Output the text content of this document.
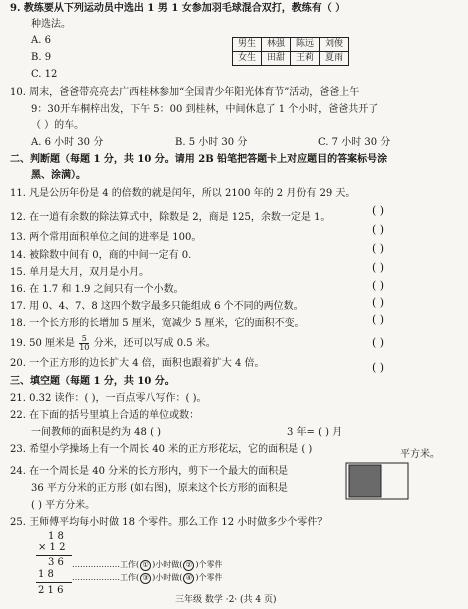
9. 教练要从下列运动员中选出 1 男 1 女参加羽毛球混合双打，教练有（ ）
种选法。
A. 6
B. 9
C. 12
男生	林强	陈远	刘俊
女生	田甜	王莉	夏雨
10. 周末，爸爸带亮亮去广西桂林参加“全国青少年阳光体育节”活动，爸爸上午
9：30开车桐梓出发，下午 5：00 到桂林，中间休息了 1 个小时，爸爸共开了
（ ）的车。
A. 6 小时 30 分	B. 5 小时 30 分	C. 7 小时 30 分
二、判断题（每题 1 分，共 10 分。请用 2B 铅笔把答题卡上对应题目的答案标号涂
黑、涂满）。
11. 凡是公历年份是 4 的倍数的就是闰年，所以 2100 年的 2 月份有 29 天。
12. 在一道有余数的除法算式中，除数是 2，商是 125，余数一定是 1。
( )
13. 两个常用面积单位之间的进率是 100。
( )
14. 被除数中间有 0，商的中间一定有 0.
( )
15. 单月是大月，双月是小月。	( )
16. 在 1.7 和 1.9 之间只有一个小数。	( )
17. 用 0、4、7、8 这四个数字最多只能组成 6 个不同的两位数。	( )
18. 一个长方形的长增加 5 厘米，宽减少 5 厘米，它的面积不变。	( )
19. 50 厘米是 $\frac{5}{10}$ 分米，还可以写成 0.5 米。	( )
20. 一个正方形的边长扩大 4 倍，面积也跟着扩大 4 倍。	( )
三、填空题（每题 1 分，共 10 分。
21. 0.32 读作：( )，一百点零八写作：( )。
22. 在下面的括号里填上合适的单位或数：
一间教师的面积是约为 48 ( )	3 年= ( ) 月
23. 希望小学操场上有一个周长 40 米的正方形花坛，它的面积是 ( )	平方米。
24. 在一个周长是 40 分米的长方形内，剪下一个最大的面积是
36 平方分米的正方形 (如右图)，原来这个长方形的面积是
( ) 平方分米。
25. 王师傅平均每小时做 18 个零件。那么工作 12 小时做多少个零件？
1 8
× 1 2
3 6
1 8
2 1 6
………………工作( ① )小时做( ② )个零件
………………工作( ③ )小时做( ④ )个零件
三年级 数学 ·2· (共 4 页)
